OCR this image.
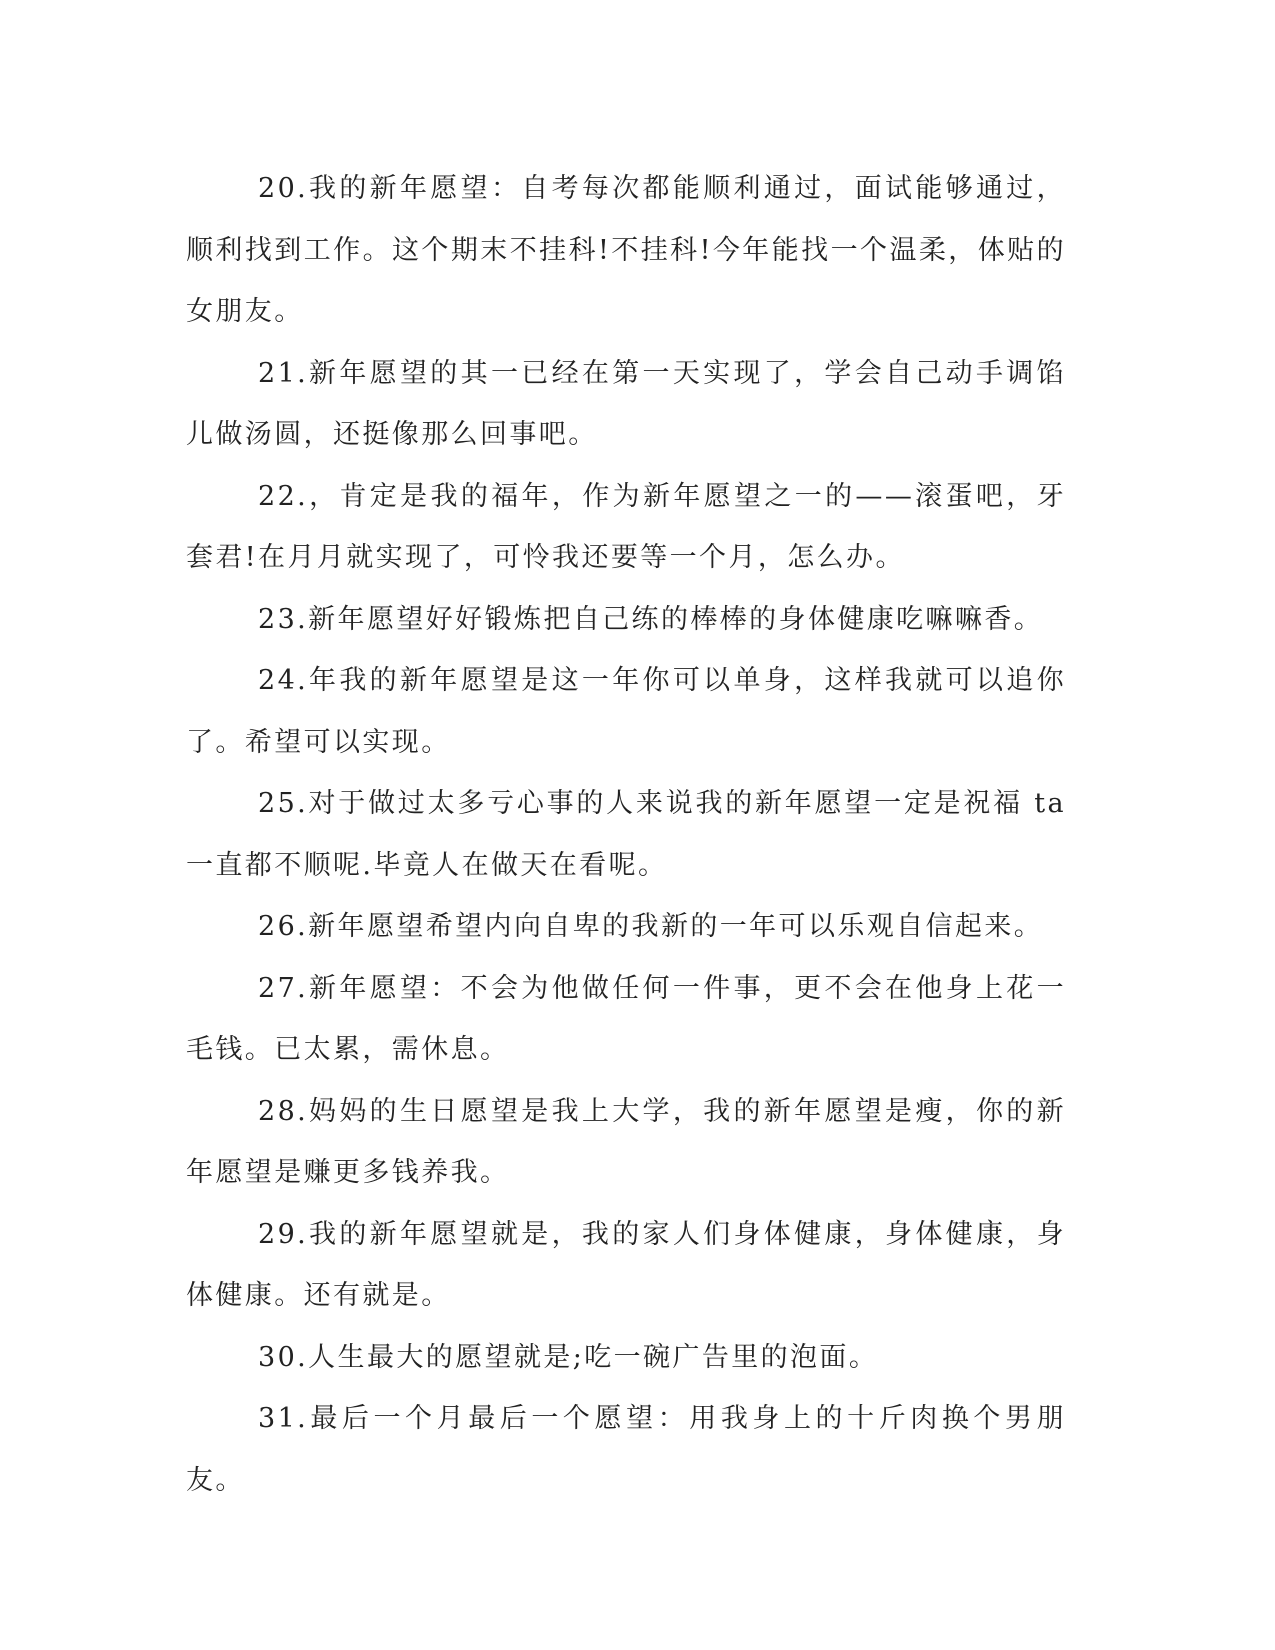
20.我的新年愿望：自考每次都能顺利通过，面试能够通过，顺利找到工作。这个期末不挂科!不挂科!今年能找一个温柔，体贴的女朋友。

21.新年愿望的其一已经在第一天实现了，学会自己动手调馅儿做汤圆，还挺像那么回事吧。

22.，肯定是我的福年，作为新年愿望之一的——滚蛋吧，牙套君!在月月就实现了，可怜我还要等一个月，怎么办。

23.新年愿望好好锻炼把自己练的棒棒的身体健康吃嘛嘛香。

24.年我的新年愿望是这一年你可以单身，这样我就可以追你了。希望可以实现。

25.对于做过太多亏心事的人来说我的新年愿望一定是祝福 ta 一直都不顺呢.毕竟人在做天在看呢。

26.新年愿望希望内向自卑的我新的一年可以乐观自信起来。

27.新年愿望：不会为他做任何一件事，更不会在他身上花一毛钱。已太累，需休息。

28.妈妈的生日愿望是我上大学，我的新年愿望是瘦，你的新年愿望是赚更多钱养我。

29.我的新年愿望就是，我的家人们身体健康，身体健康，身体健康。还有就是。

30.人生最大的愿望就是;吃一碗广告里的泡面。

31.最后一个月最后一个愿望：用我身上的十斤肉换个男朋友。
